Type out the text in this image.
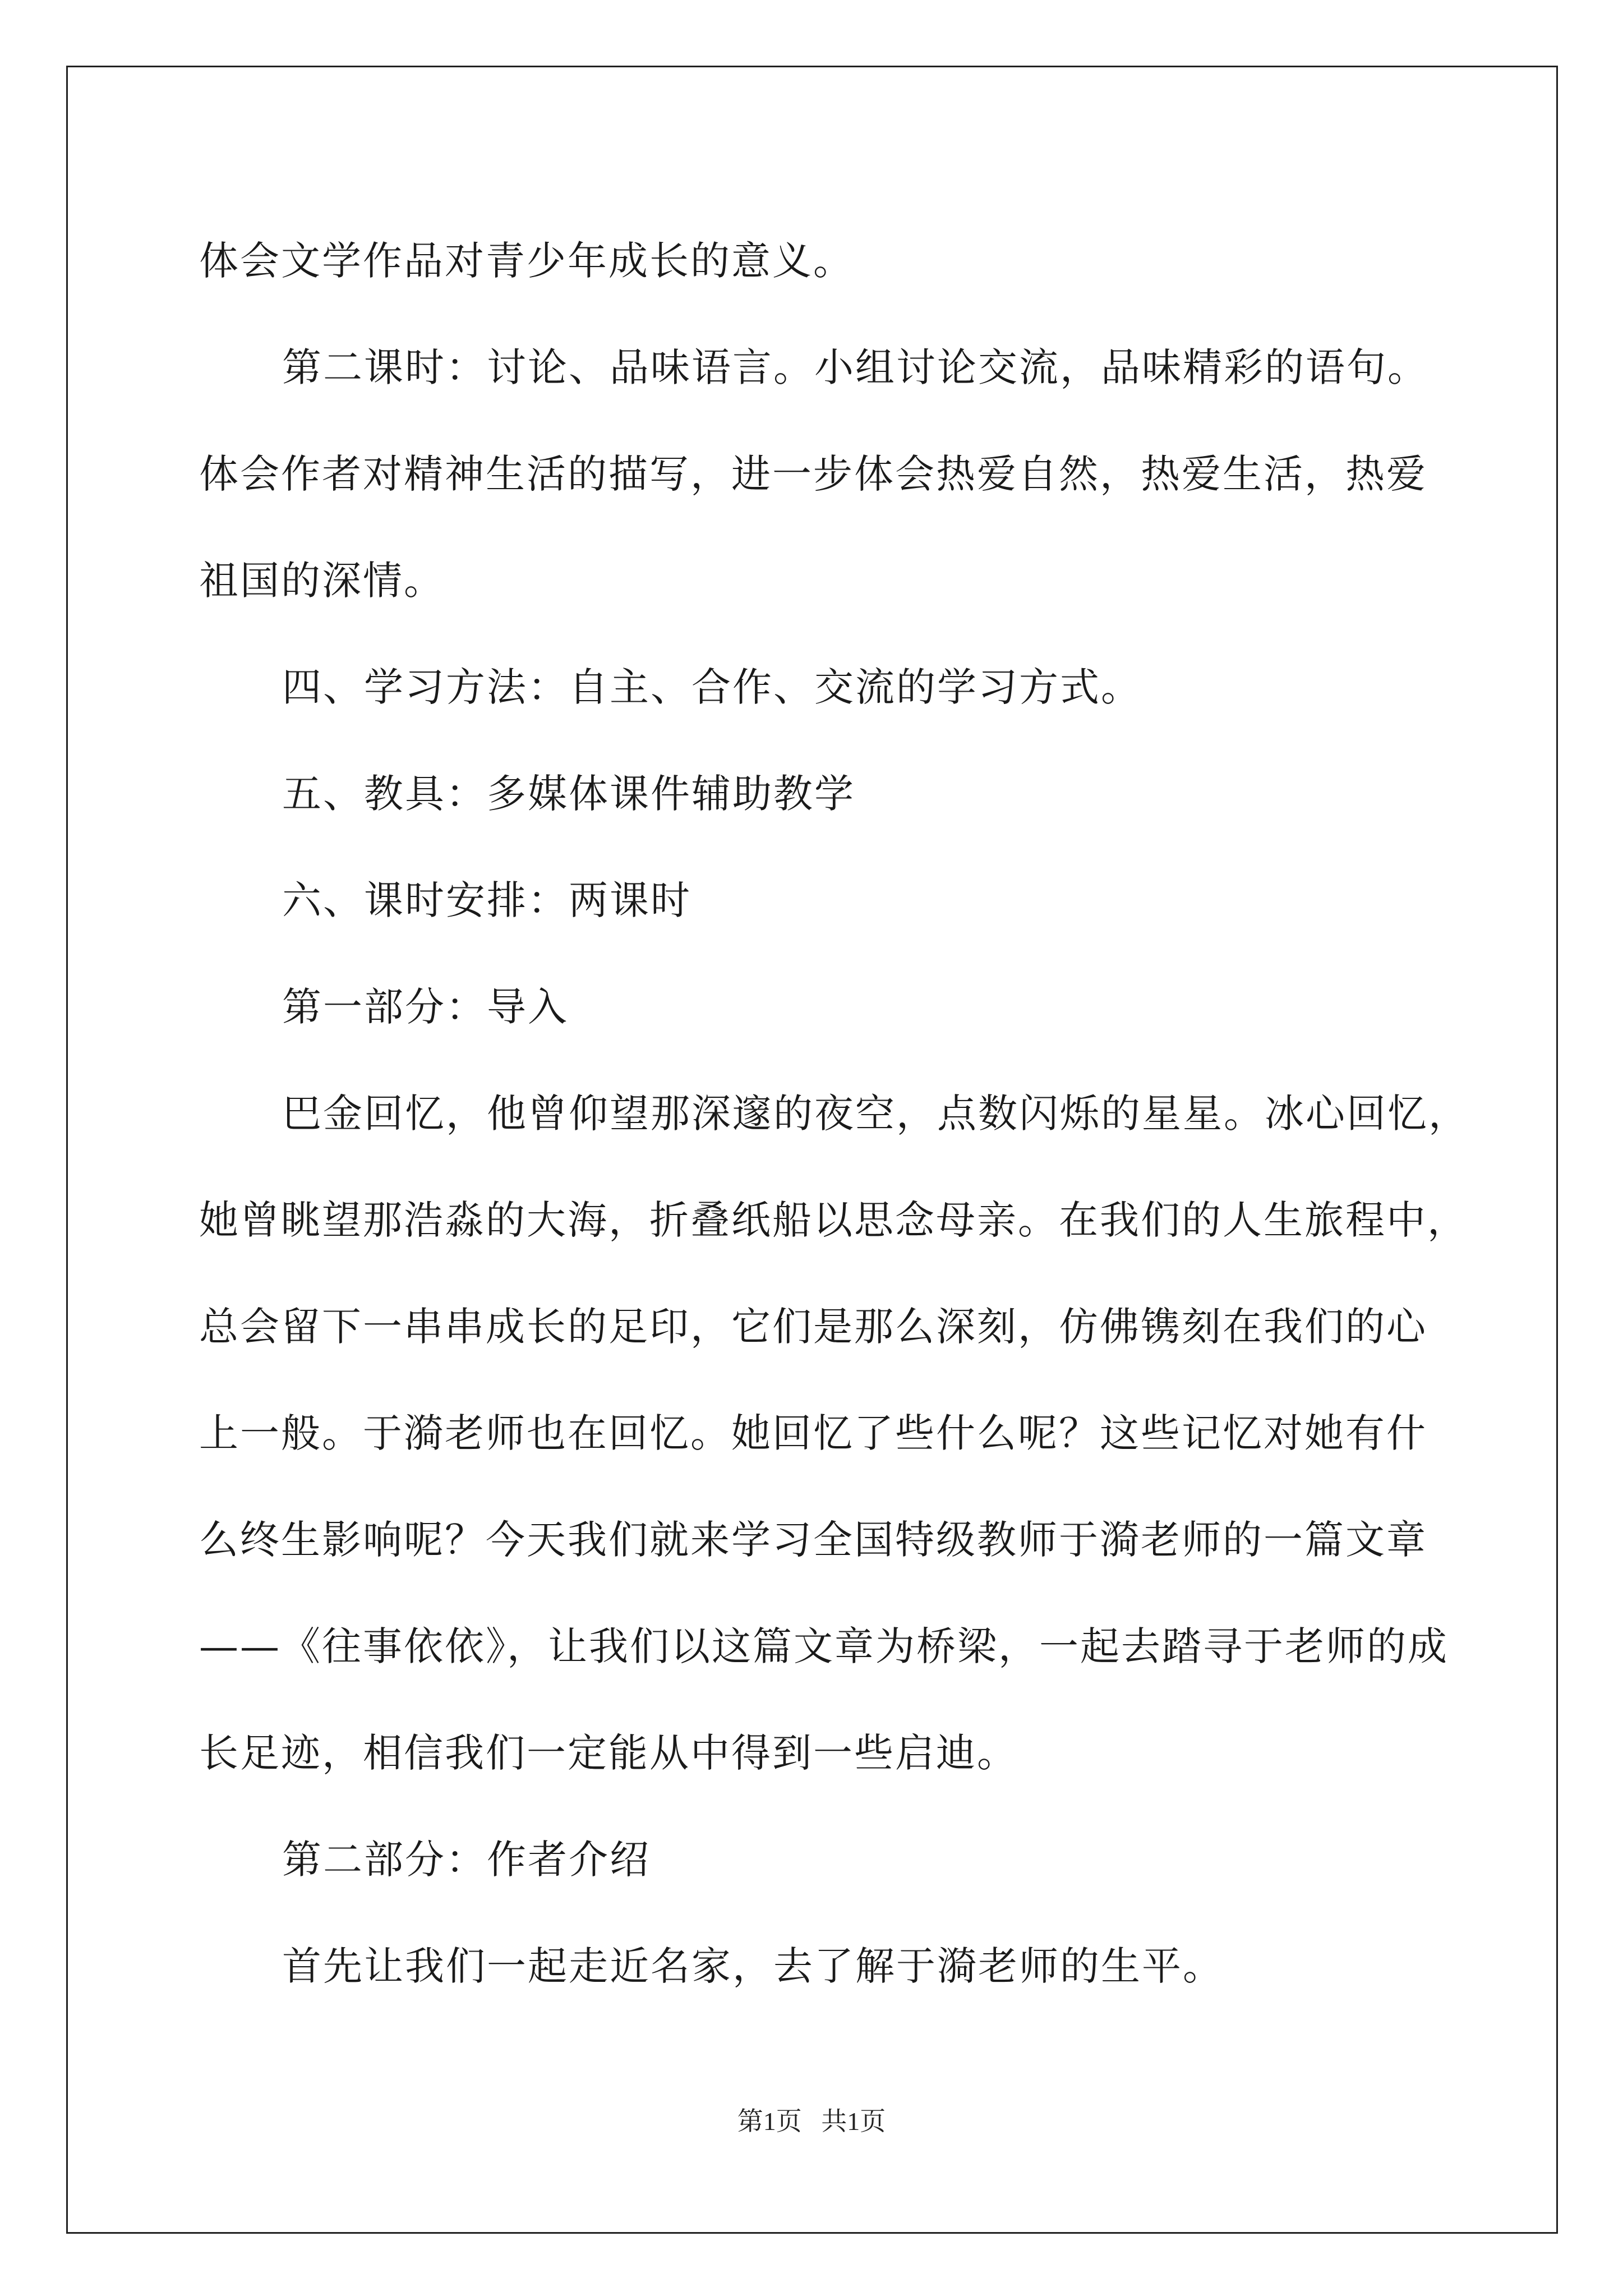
体会文学作品对青少年成长的意义。
第二课时：讨论、品味语言。小组讨论交流，品味精彩的语句。
体会作者对精神生活的描写，进一步体会热爱自然，热爱生活，热爱
祖国的深情。
四、学习方法：自主、合作、交流的学习方式。
五、教具：多媒体课件辅助教学
六、课时安排：两课时
第一部分：导入
巴金回忆，他曾仰望那深邃的夜空，点数闪烁的星星。冰心回忆，
她曾眺望那浩淼的大海，折叠纸船以思念母亲。在我们的人生旅程中，
总会留下一串串成长的足印，它们是那么深刻，仿佛镌刻在我们的心
上一般。于漪老师也在回忆。她回忆了些什么呢？这些记忆对她有什
么终生影响呢？今天我们就来学习全国特级教师于漪老师的一篇文章
——《往事依依》，让我们以这篇文章为桥梁，一起去踏寻于老师的成
长足迹，相信我们一定能从中得到一些启迪。
第二部分：作者介绍
首先让我们一起走近名家，去了解于漪老师的生平。
第1页   共1页
